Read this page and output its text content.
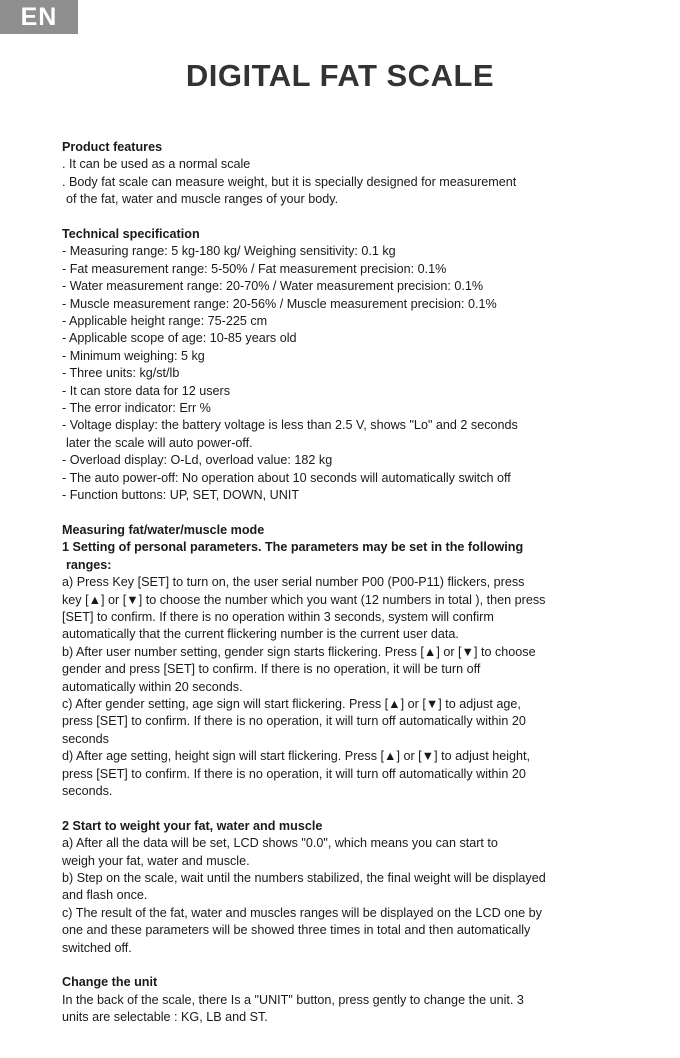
EN
DIGITAL FAT SCALE

Product features

. It can be used as a normal scale

. Body fat scale can measure weight, but it is specially designed for measurement

of the fat, water and muscle ranges of your body.

Technical specification

- Measuring range: 5 kg-180 kg/ Weighing sensitivity: 0.1 kg

- Fat measurement range: 5-50% / Fat measurement precision: 0.1%

- Water measurement range: 20-70% / Water measurement precision: 0.1%

- Muscle measurement range: 20-56% / Muscle measurement precision: 0.1%

- Applicable height range: 75-225 cm

- Applicable scope of age: 10-85 years old

- Minimum weighing: 5 kg

- Three units: kg/st/lb

- It can store data for 12 users

- The error indicator: Err %

- Voltage display: the battery voltage is less than 2.5 V, shows "Lo" and 2 seconds

later the scale will auto power-off.

- Overload display: O-Ld, overload value: 182 kg

- The auto power-off: No operation about 10 seconds will automatically switch off

- Function buttons: UP, SET, DOWN, UNIT

Measuring fat/water/muscle mode

1 Setting of personal parameters. The parameters may be set in the following

ranges:

a) Press Key [SET] to turn on, the user serial number P00 (P00-P11) flickers, press

key [▲] or [▼] to choose the number which you want (12 numbers in total ), then press

[SET] to confirm. If there is no operation within 3 seconds, system will confirm

automatically that the current flickering number is the current user data.

b) After user number setting, gender sign starts flickering. Press [▲] or [▼] to choose

gender and press [SET] to confirm. If there is no operation, it will be turn off

automatically within 20 seconds.

c) After gender setting, age sign will start flickering. Press [▲] or [▼] to adjust age,

press [SET] to confirm. If there is no operation, it will turn off automatically within 20

seconds

d) After age setting, height sign will start flickering. Press [▲] or [▼] to adjust height,

press [SET] to confirm. If there is no operation, it will turn off automatically within 20

seconds.

2 Start to weight your fat, water and muscle

a) After all the data will be set, LCD shows "0.0", which means you can start to

weigh your fat, water and muscle.

b) Step on the scale, wait until the numbers stabilized, the final weight will be displayed

and flash once.

c) The result of the fat, water and muscles ranges will be displayed on the LCD one by

one and these parameters will be showed three times in total and then automatically

switched off.

Change the unit

In the back of the scale, there Is a "UNIT" button, press gently to change the unit. 3

units are selectable : KG, LB and ST.
